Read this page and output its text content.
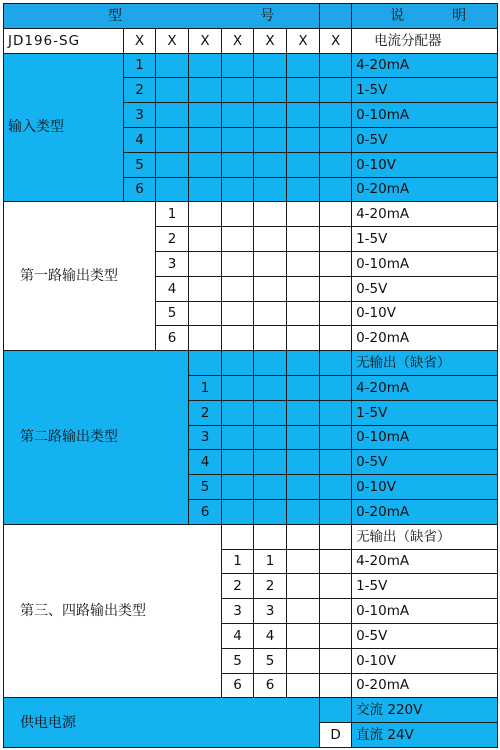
型 号								说 明

JD196-SG	X	X	X	X	X	X	X	电流分配器
输入类型	1							4-20mA
	2							1-5V
	3							0-10mA
	4							0-5V
	5							0-10V
	6							0-20mA
第一路输出类型		1						4-20mA
		2						1-5V
		3						0-10mA
		4						0-5V
		5						0-10V
		6						0-20mA
第二路输出类型								无输出（缺省）
			1					4-20mA
			2					1-5V
			3					0-10mA
			4					0-5V
			5					0-10V
			6					0-20mA
第三、四路输出类型								无输出（缺省）
				1	1			4-20mA
				2	2			1-5V
				3	3			0-10mA
				4	4			0-5V
				5	5			0-10V
				6	6			0-20mA
供电电源								交流 220V
							D	直流 24V
